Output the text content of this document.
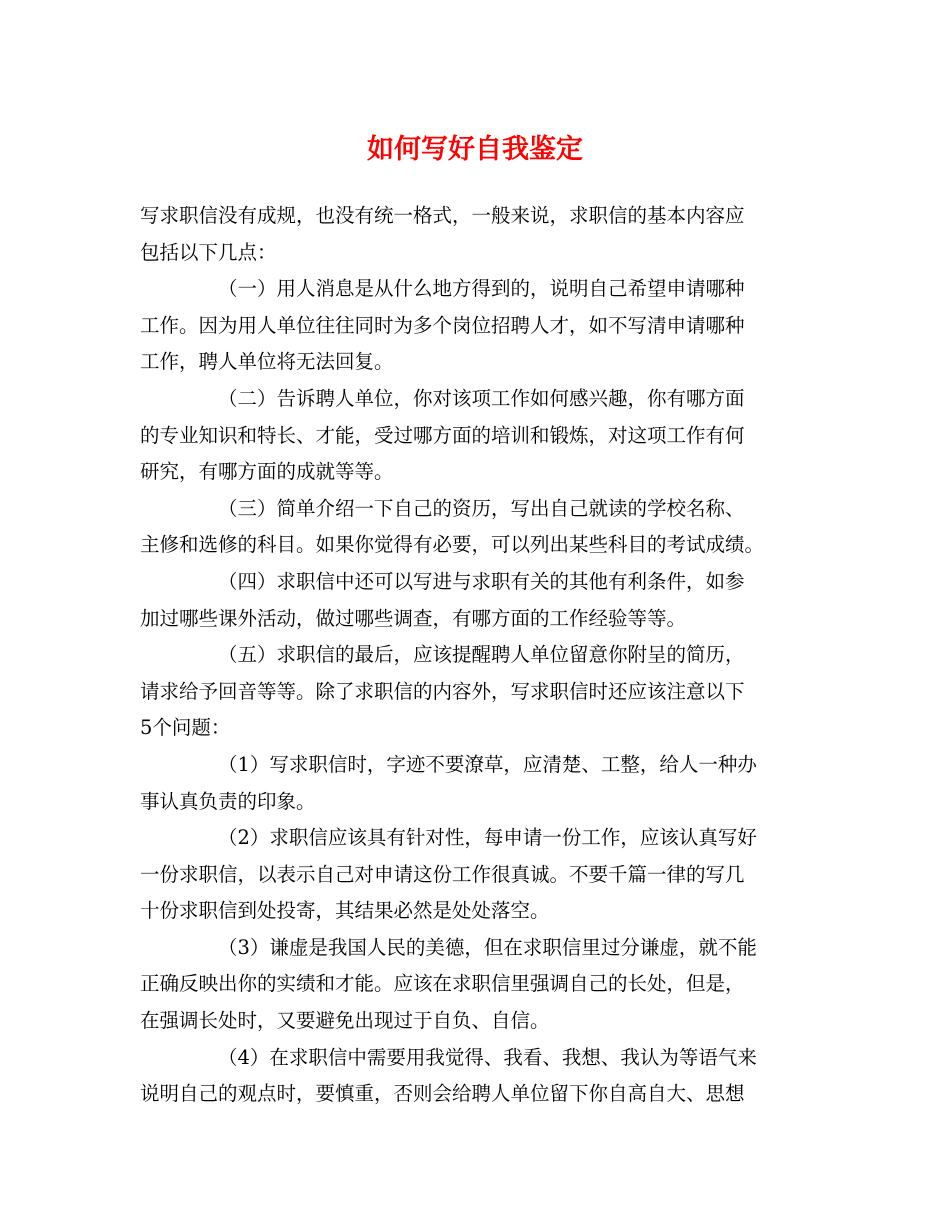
如何写好自我鉴定

写求职信没有成规，也没有统一格式，一般来说，求职信的基本内容应
包括以下几点：

（一）用人消息是从什么地方得到的，说明自己希望申请哪种
工作。因为用人单位往往同时为多个岗位招聘人才，如不写清申请哪种
工作，聘人单位将无法回复。

（二）告诉聘人单位，你对该项工作如何感兴趣，你有哪方面
的专业知识和特长、才能，受过哪方面的培训和锻炼，对这项工作有何
研究，有哪方面的成就等等。

（三）简单介绍一下自己的资历，写出自己就读的学校名称、
主修和选修的科目。如果你觉得有必要，可以列出某些科目的考试成绩。

（四）求职信中还可以写进与求职有关的其他有利条件，如参
加过哪些课外活动，做过哪些调查，有哪方面的工作经验等等。

（五）求职信的最后，应该提醒聘人单位留意你附呈的简历，
请求给予回音等等。除了求职信的内容外，写求职信时还应该注意以下
5个问题：

（1）写求职信时，字迹不要潦草，应清楚、工整，给人一种办
事认真负责的印象。

（2）求职信应该具有针对性，每申请一份工作，应该认真写好
一份求职信，以表示自己对申请这份工作很真诚。不要千篇一律的写几
十份求职信到处投寄，其结果必然是处处落空。

（3）谦虚是我国人民的美德，但在求职信里过分谦虚，就不能
正确反映出你的实绩和才能。应该在求职信里强调自己的长处，但是，
在强调长处时，又要避免出现过于自负、自信。

（4）在求职信中需要用我觉得、我看、我想、我认为等语气来
说明自己的观点时，要慎重，否则会给聘人单位留下你自高自大、思想
